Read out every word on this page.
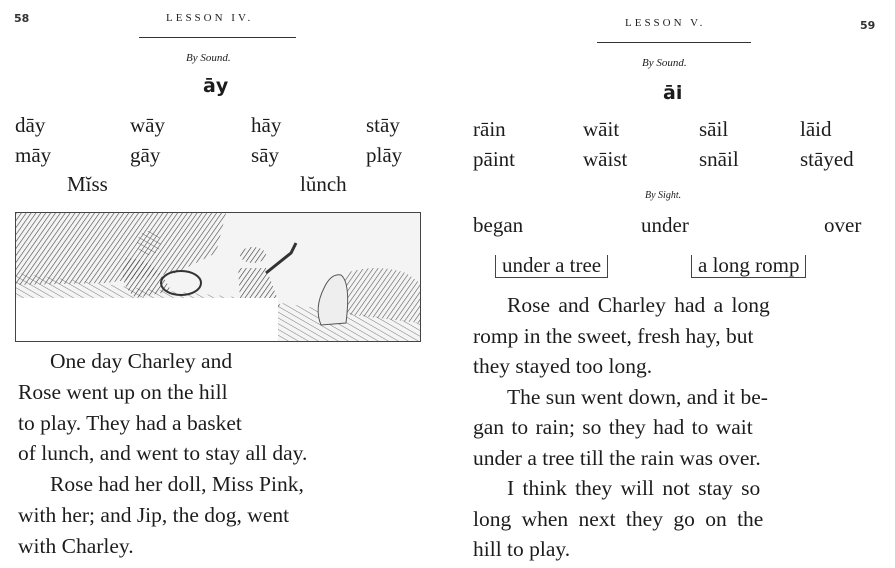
58	LESSON IV.
By Sound.
āy
dāy	wāy	hāy	stāy
māy	gāy	sāy	plāy
Mĭss	lŭnch
One day Charley and
Rose went up on the hill
to play. They had a basket
of lunch, and went to stay all day.
Rose had her doll, Miss Pink,
with her; and Jip, the dog, went
with Charley.
LESSON V.	59
By Sound.
āi
rāin	wāit	sāil	lāid
pāint	wāist	snāil	stāyed
By Sight.
began	under	over
under a tree	a long romp
Rose and Charley had a long
romp in the sweet, fresh hay, but
they stayed too long.
The sun went down, and it be-
gan to rain; so they had to wait
under a tree till the rain was over.
I think they will not stay so
long when next they go on the
hill to play.
